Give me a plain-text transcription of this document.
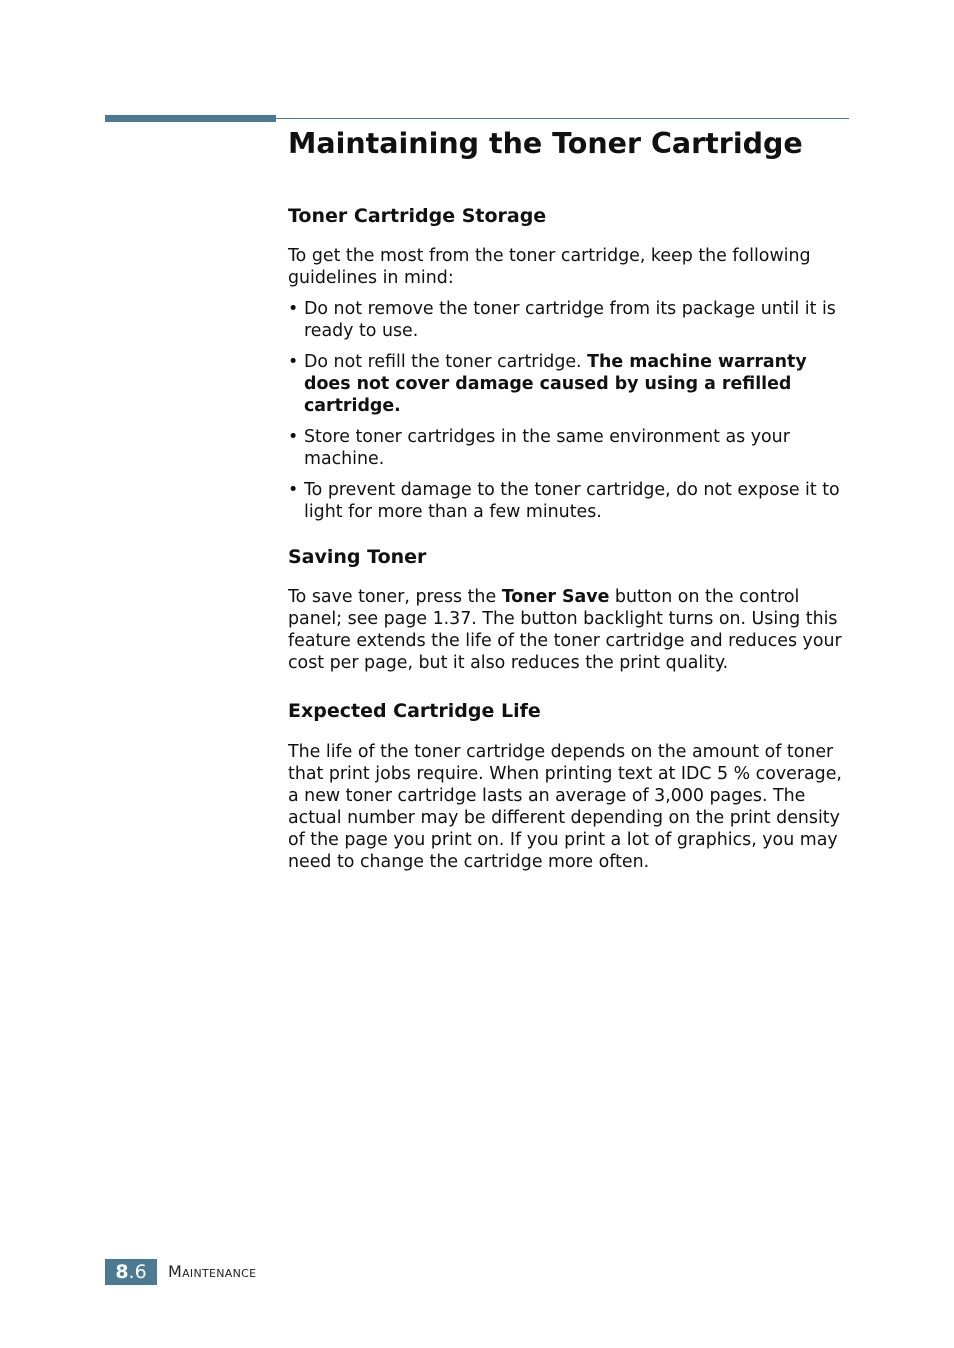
Maintaining the Toner Cartridge
Toner Cartridge Storage

To get the most from the toner cartridge, keep the following guidelines in mind:

• Do not remove the toner cartridge from its package until it is ready to use.
• Do not refill the toner cartridge. The machine warranty does not cover damage caused by using a refilled cartridge.
• Store toner cartridges in the same environment as your machine.
• To prevent damage to the toner cartridge, do not expose it to light for more than a few minutes.
Saving Toner

To save toner, press the Toner Save button on the control panel; see page 1.37. The button backlight turns on. Using this feature extends the life of the toner cartridge and reduces your cost per page, but it also reduces the print quality.

Expected Cartridge Life

The life of the toner cartridge depends on the amount of toner that print jobs require. When printing text at IDC 5 % coverage, a new toner cartridge lasts an average of 3,000 pages. The actual number may be different depending on the print density of the page you print on. If you print a lot of graphics, you may need to change the cartridge more often.

8.6	Maintenance
